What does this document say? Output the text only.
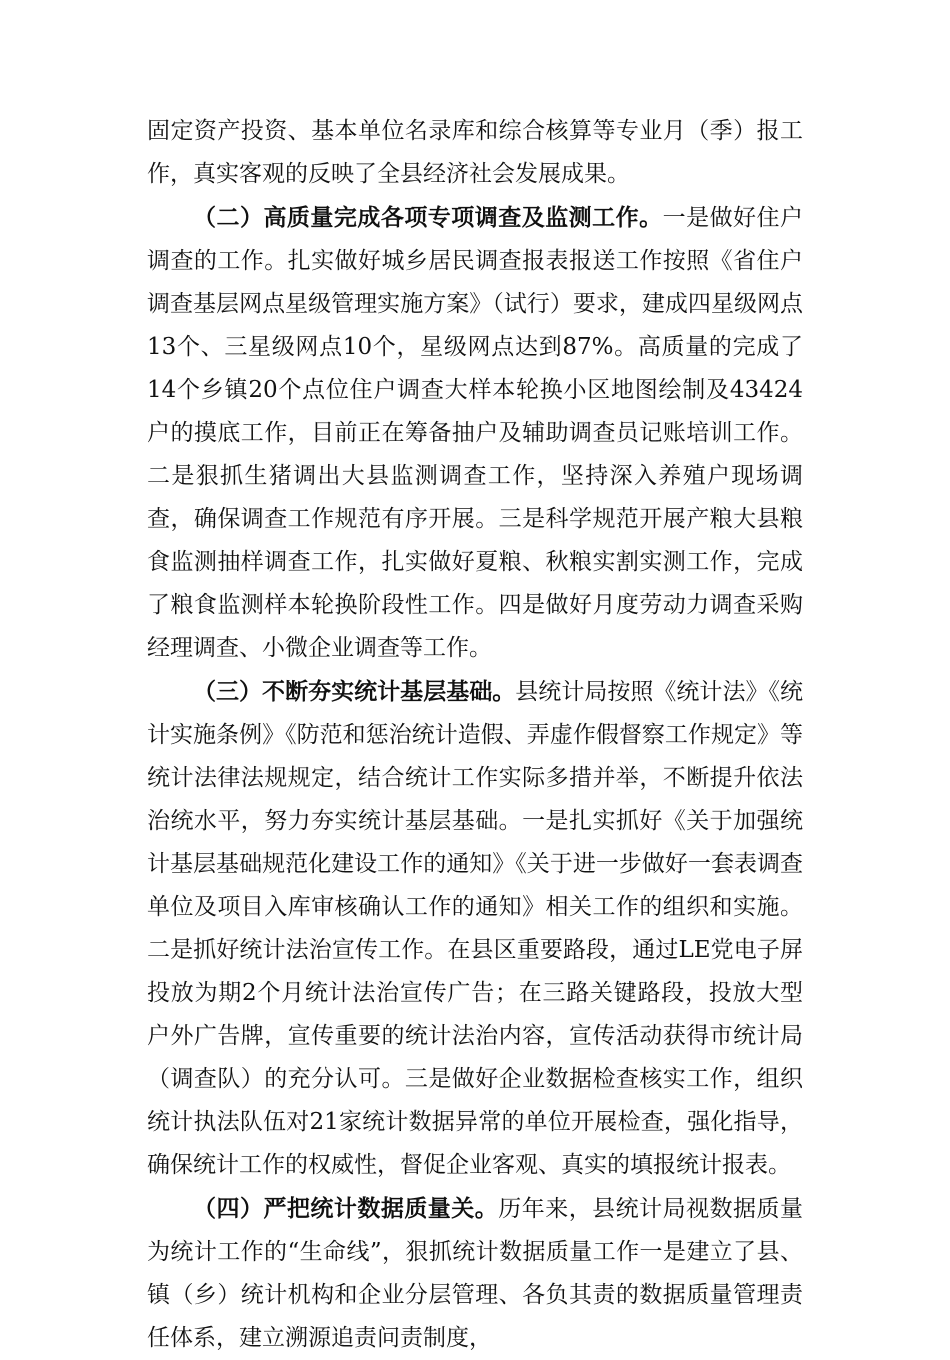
固定资产投资、基本单位名录库和综合核算等专业月（季）报工作，真实客观的反映了全县经济社会发展成果。

（二）高质量完成各项专项调查及监测工作。一是做好住户调查的工作。扎实做好城乡居民调查报表报送工作按照《省住户调查基层网点星级管理实施方案》（试行）要求，建成四星级网点13个、三星级网点10个，星级网点达到87%。高质量的完成了14个乡镇20个点位住户调查大样本轮换小区地图绘制及43424户的摸底工作，目前正在筹备抽户及辅助调查员记账培训工作。二是狠抓生猪调出大县监测调查工作，坚持深入养殖户现场调查，确保调查工作规范有序开展。三是科学规范开展产粮大县粮食监测抽样调查工作，扎实做好夏粮、秋粮实割实测工作，完成了粮食监测样本轮换阶段性工作。四是做好月度劳动力调查采购经理调查、小微企业调查等工作。

（三）不断夯实统计基层基础。县统计局按照《统计法》《统计实施条例》《防范和惩治统计造假、弄虚作假督察工作规定》等统计法律法规规定，结合统计工作实际多措并举，不断提升依法治统水平，努力夯实统计基层基础。一是扎实抓好《关于加强统计基层基础规范化建设工作的通知》《关于进一步做好一套表调查单位及项目入库审核确认工作的通知》相关工作的组织和实施。二是抓好统计法治宣传工作。在县区重要路段，通过LE党电子屏投放为期2个月统计法治宣传广告；在三路关键路段，投放大型户外广告牌，宣传重要的统计法治内容，宣传活动获得市统计局（调查队）的充分认可。三是做好企业数据检查核实工作，组织统计执法队伍对21家统计数据异常的单位开展检查，强化指导，确保统计工作的权威性，督促企业客观、真实的填报统计报表。

（四）严把统计数据质量关。历年来，县统计局视数据质量为统计工作的“生命线”，狠抓统计数据质量工作一是建立了县、镇（乡）统计机构和企业分层管理、各负其责的数据质量管理责任体系，建立溯源追责问责制度，
